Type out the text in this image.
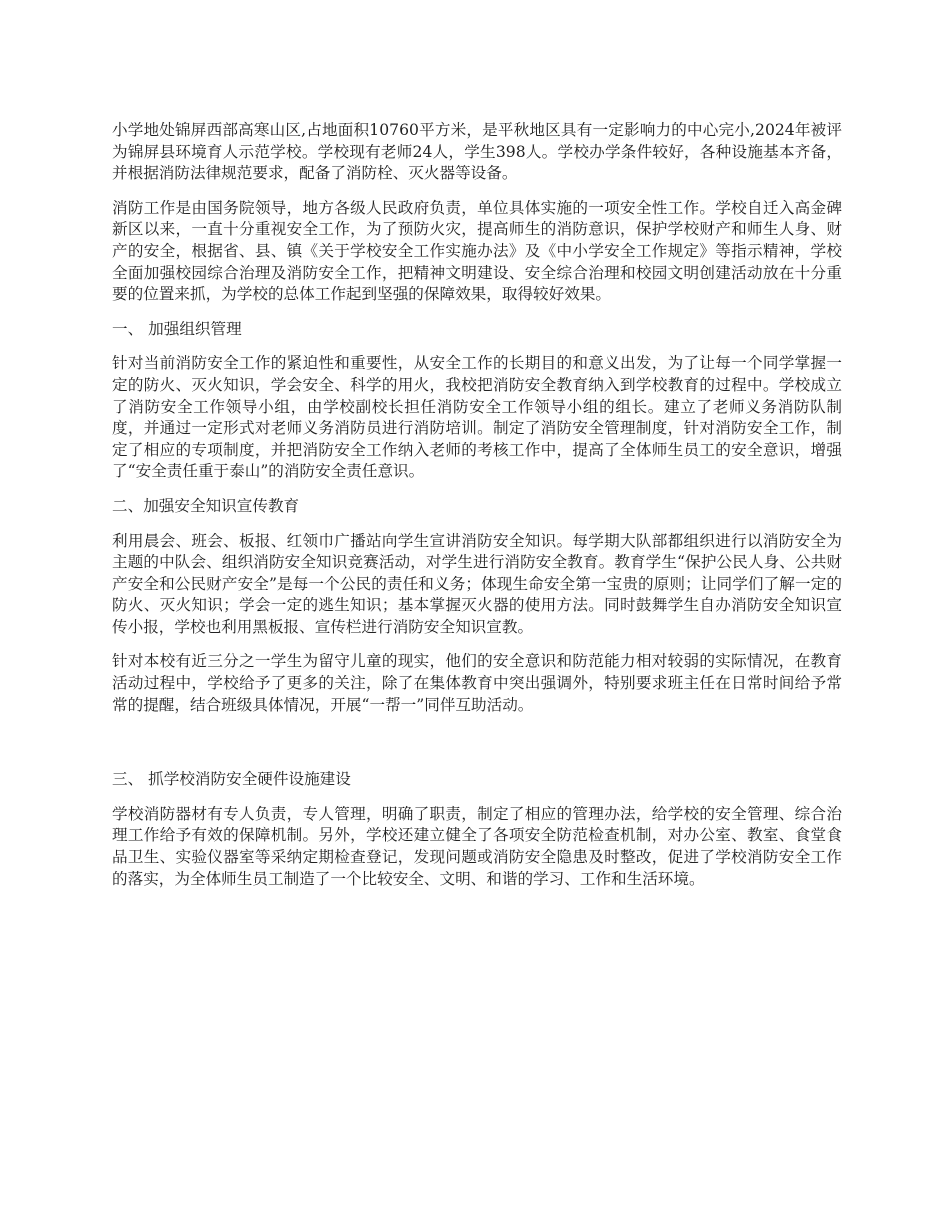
小学地处锦屏西部高寒山区,占地面积10760平方米，是平秋地区具有一定影响力的中心完小,2024年被评为锦屏县环境育人示范学校。学校现有老师24人，学生398人。学校办学条件较好，各种设施基本齐备，并根据消防法律规范要求，配备了消防栓、灭火器等设备。

消防工作是由国务院领导，地方各级人民政府负责，单位具体实施的一项安全性工作。学校自迁入高金碑新区以来，一直十分重视安全工作，为了预防火灾，提高师生的消防意识，保护学校财产和师生人身、财产的安全，根据省、县、镇《关于学校安全工作实施办法》及《中小学安全工作规定》等指示精神，学校全面加强校园综合治理及消防安全工作，把精神文明建设、安全综合治理和校园文明创建活动放在十分重要的位置来抓，为学校的总体工作起到坚强的保障效果，取得较好效果。

一、 加强组织管理

针对当前消防安全工作的紧迫性和重要性，从安全工作的长期目的和意义出发，为了让每一个同学掌握一定的防火、灭火知识，学会安全、科学的用火，我校把消防安全教育纳入到学校教育的过程中。学校成立了消防安全工作领导小组，由学校副校长担任消防安全工作领导小组的组长。建立了老师义务消防队制度，并通过一定形式对老师义务消防员进行消防培训。制定了消防安全管理制度，针对消防安全工作，制定了相应的专项制度，并把消防安全工作纳入老师的考核工作中，提高了全体师生员工的安全意识，增强了“安全责任重于泰山”的消防安全责任意识。

二、加强安全知识宣传教育

利用晨会、班会、板报、红领巾广播站向学生宣讲消防安全知识。每学期大队部都组织进行以消防安全为主题的中队会、组织消防安全知识竞赛活动，对学生进行消防安全教育。教育学生“保护公民人身、公共财产安全和公民财产安全”是每一个公民的责任和义务；体现生命安全第一宝贵的原则；让同学们了解一定的防火、灭火知识；学会一定的逃生知识；基本掌握灭火器的使用方法。同时鼓舞学生自办消防安全知识宣传小报，学校也利用黑板报、宣传栏进行消防安全知识宣教。

针对本校有近三分之一学生为留守儿童的现实，他们的安全意识和防范能力相对较弱的实际情况，在教育活动过程中，学校给予了更多的关注，除了在集体教育中突出强调外，特别要求班主任在日常时间给予常常的提醒，结合班级具体情况，开展“一帮一”同伴互助活动。

三、 抓学校消防安全硬件设施建设

学校消防器材有专人负责，专人管理，明确了职责，制定了相应的管理办法，给学校的安全管理、综合治理工作给予有效的保障机制。另外，学校还建立健全了各项安全防范检查机制，对办公室、教室、食堂食品卫生、实验仪器室等采纳定期检查登记，发现问题或消防安全隐患及时整改，促进了学校消防安全工作的落实，为全体师生员工制造了一个比较安全、文明、和谐的学习、工作和生活环境。
